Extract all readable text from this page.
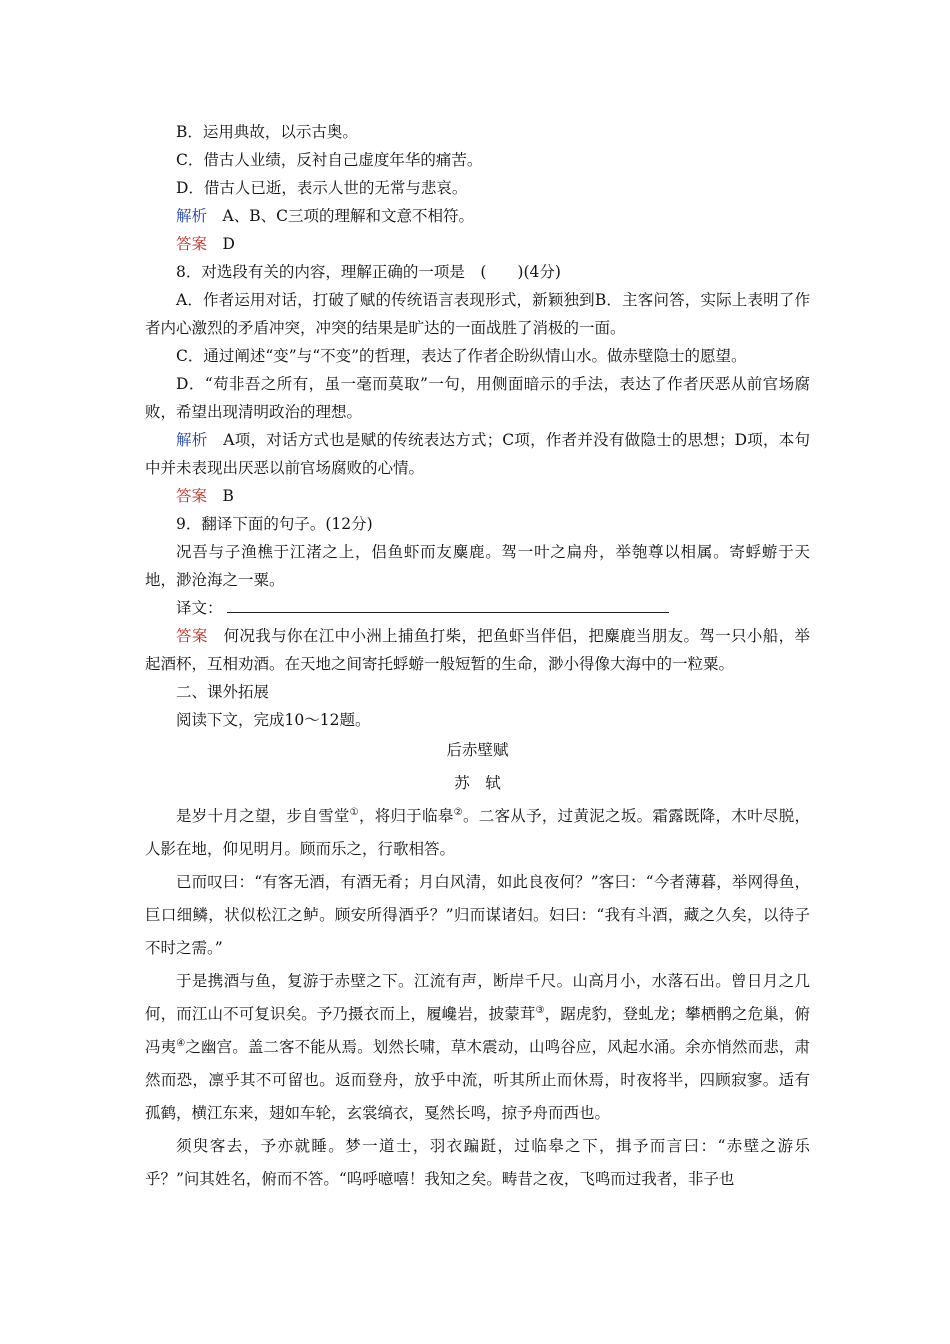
B．运用典故，以示古奥。

C．借古人业绩，反衬自己虚度年华的痛苦。

D．借古人已逝，表示人世的无常与悲哀。

解析　A、B、C三项的理解和文意不相符。

答案　D

8．对选段有关的内容，理解正确的一项是　(　　)(4分)

A．作者运用对话，打破了赋的传统语言表现形式，新颖独到B．主客问答，实际上表明了作者内心激烈的矛盾冲突，冲突的结果是旷达的一面战胜了消极的一面。

C．通过阐述“变”与“不变”的哲理，表达了作者企盼纵情山水。做赤壁隐士的愿望。

D．“苟非吾之所有，虽一毫而莫取”一句，用侧面暗示的手法，表达了作者厌恶从前官场腐败，希望出现清明政治的理想。

解析　A项，对话方式也是赋的传统表达方式；C项，作者并没有做隐士的思想；D项，本句中并未表现出厌恶以前官场腐败的心情。

答案　B

9．翻译下面的句子。(12分)

况吾与子渔樵于江渚之上，侣鱼虾而友麋鹿。驾一叶之扁舟，举匏尊以相属。寄蜉蝣于天地，渺沧海之一粟。

译文：

答案　何况我与你在江中小洲上捕鱼打柴，把鱼虾当伴侣，把麋鹿当朋友。驾一只小船，举起酒杯，互相劝酒。在天地之间寄托蜉蝣一般短暂的生命，渺小得像大海中的一粒粟。

二、课外拓展

阅读下文，完成10～12题。

后赤壁赋

苏　轼

是岁十月之望，步自雪堂①，将归于临皋②。二客从予，过黄泥之坂。霜露既降，木叶尽脱，人影在地，仰见明月。顾而乐之，行歌相答。

已而叹曰：“有客无酒，有酒无肴；月白风清，如此良夜何？”客曰：“今者薄暮，举网得鱼，巨口细鳞，状似松江之鲈。顾安所得酒乎？”归而谋诸妇。妇曰：“我有斗酒，藏之久矣，以待子不时之需。”

于是携酒与鱼，复游于赤壁之下。江流有声，断岸千尺。山高月小，水落石出。曾日月之几何，而江山不可复识矣。予乃摄衣而上，履巉岩，披蒙茸③，踞虎豹，登虬龙；攀栖鹘之危巢，俯冯夷④之幽宫。盖二客不能从焉。划然长啸，草木震动，山鸣谷应，风起水涌。余亦悄然而悲，肃然而恐，凛乎其不可留也。返而登舟，放乎中流，听其所止而休焉，时夜将半，四顾寂寥。适有孤鹤，横江东来，翅如车轮，玄裳缟衣，戛然长鸣，掠予舟而西也。

须臾客去，予亦就睡。梦一道士，羽衣蹁跹，过临皋之下，揖予而言曰：“赤壁之游乐乎？”问其姓名，俯而不答。“呜呼噫嘻！我知之矣。畴昔之夜，飞鸣而过我者，非子也
